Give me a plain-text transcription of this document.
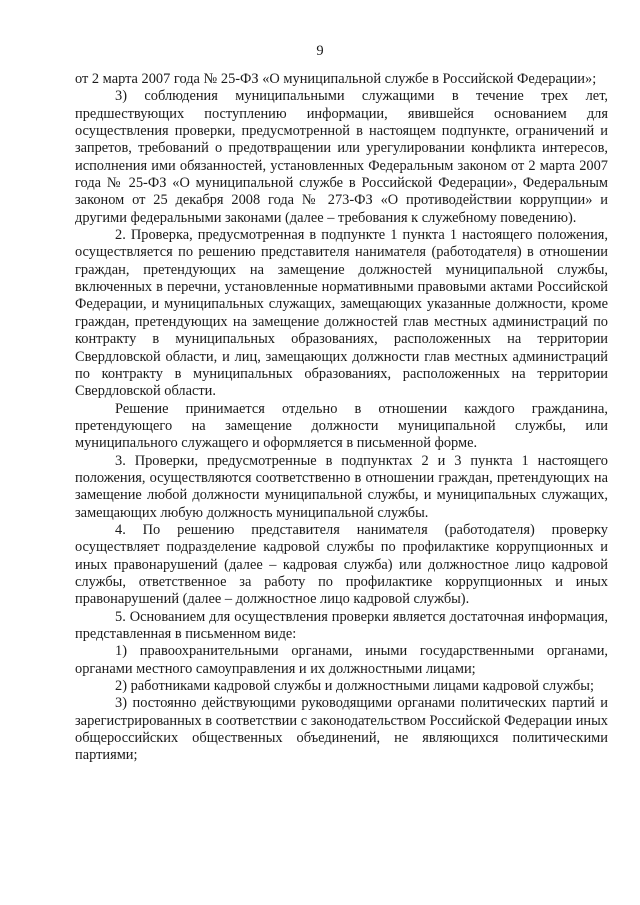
9

от 2 марта 2007 года № 25-ФЗ «О муниципальной службе в Российской Федерации»;

3) соблюдения муниципальными служащими в течение трех лет, предшествующих поступлению информации, явившейся основанием для осуществления проверки, предусмотренной в настоящем подпункте, ограничений и запретов, требований о предотвращении или урегулировании конфликта интересов, исполнения ими обязанностей, установленных Федеральным законом от 2 марта 2007 года № 25-ФЗ «О муниципальной службе в Российской Федерации», Федеральным законом от 25 декабря 2008 года № 273-ФЗ «О противодействии коррупции» и другими федеральными законами (далее – требования к служебному поведению).

2. Проверка, предусмотренная в подпункте 1 пункта 1 настоящего положения, осуществляется по решению представителя нанимателя (работодателя) в отношении граждан, претендующих на замещение должностей муниципальной службы, включенных в перечни, установленные нормативными правовыми актами Российской Федерации, и муниципальных служащих, замещающих указанные должности, кроме граждан, претендующих на замещение должностей глав местных администраций по контракту в муниципальных образованиях, расположенных на территории Свердловской области, и лиц, замещающих должности глав местных администраций по контракту в муниципальных образованиях, расположенных на территории Свердловской области.

Решение принимается отдельно в отношении каждого гражданина, претендующего на замещение должности муниципальной службы, или муниципального служащего и оформляется в письменной форме.

3. Проверки, предусмотренные в подпунктах 2 и 3 пункта 1 настоящего положения, осуществляются соответственно в отношении граждан, претендующих на замещение любой должности муниципальной службы, и муниципальных служащих, замещающих любую должность муниципальной службы.

4. По решению представителя нанимателя (работодателя) проверку осуществляет подразделение кадровой службы по профилактике коррупционных и иных правонарушений (далее – кадровая служба) или должностное лицо кадровой службы, ответственное за работу по профилактике коррупционных и иных правонарушений (далее – должностное лицо кадровой службы).

5. Основанием для осуществления проверки является достаточная информация, представленная в письменном виде:

1) правоохранительными органами, иными государственными органами, органами местного самоуправления и их должностными лицами;

2) работниками кадровой службы и должностными лицами кадровой службы;

3) постоянно действующими руководящими органами политических партий и зарегистрированных в соответствии с законодательством Российской Федерации иных общероссийских общественных объединений, не являющихся политическими партиями;
